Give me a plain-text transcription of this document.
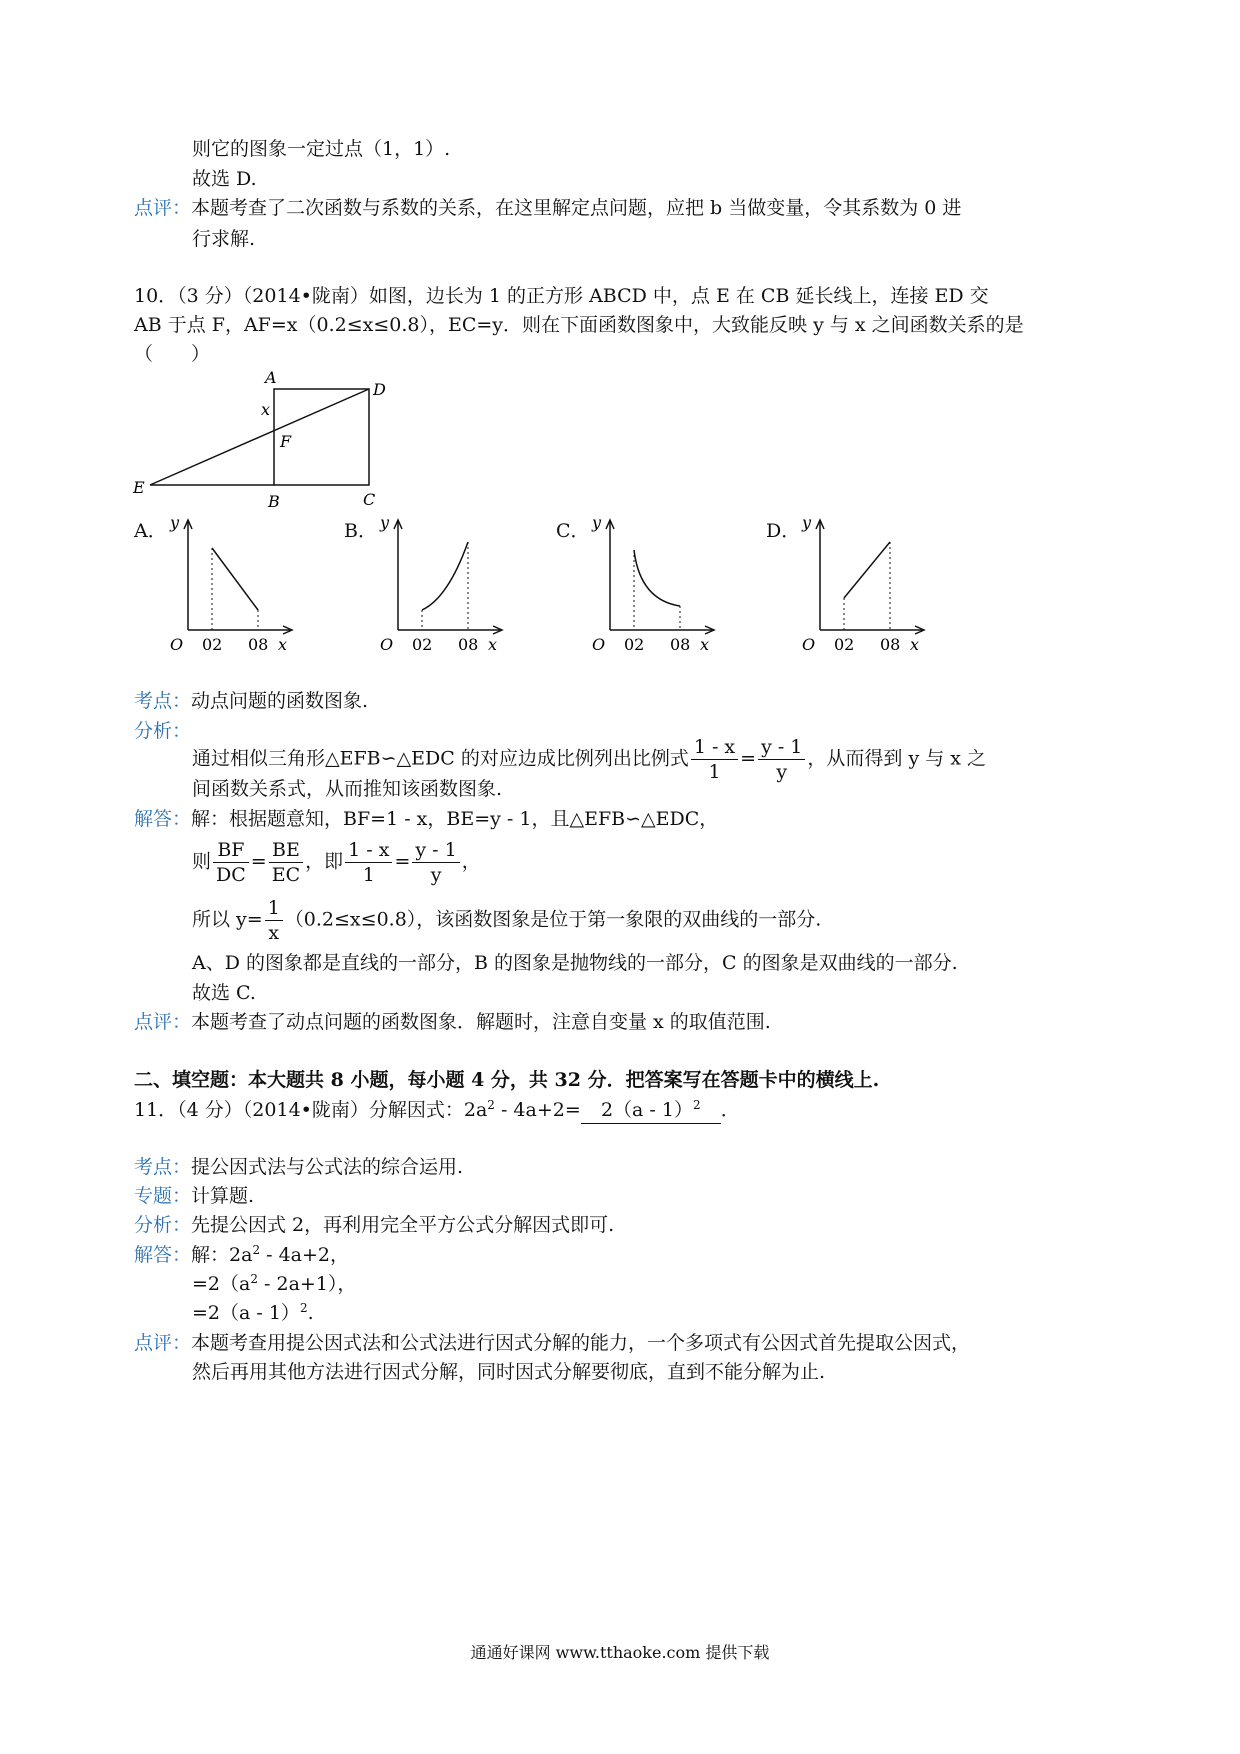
则它的图象一定过点（1，1）.
故选 D.
点评：本题考查了二次函数与系数的关系，在这里解定点问题，应把 b 当做变量，令其系数为 0 进
行求解.
10．（3 分）（2014•陇南）如图，边长为 1 的正方形 ABCD 中，点 E 在 CB 延长线上，连接 ED 交
AB 于点 F，AF=x（0.2≤x≤0.8），EC=y．则在下面函数图象中，大致能反映 y 与 x 之间函数关系的是
（　　）
A
D
x
F
E
B	C
A． y
O 02 08 x
B． y
O 02 08 x
C． y
O 02 08 x
D． y
O 02 08 x
考点：动点问题的函数图象.
分析：
通过相似三角形△EFB∽△EDC 的对应边成比例列出比例式 $\frac{1 - x}{1} = \frac{y - 1}{y}$ ，从而得到 y 与 x 之
间函数关系式，从而推知该函数图象.
解答：解：根据题意知，BF=1 - x，BE=y - 1，且△EFB∽△EDC，
则 $\frac{BF}{DC} = \frac{BE}{EC}$ ，即 $\frac{1 - x}{1} = \frac{y - 1}{y}$ ，
所以 $y= \frac{1}{x} (0.2\le x\le 0.8)$，该函数图象是位于第一象限的双曲线的一部分.
A、D 的图象都是直线的一部分，B 的图象是抛物线的一部分，C 的图象是双曲线的一部分.
故选 C.
点评：本题考查了动点问题的函数图象．解题时，注意自变量 x 的取值范围.
二、填空题：本大题共 8 小题，每小题 4 分，共 32 分．把答案写在答题卡中的横线上.
11．（4 分）（2014•陇南）分解因式：$2a^2 - 4a+2= 2(a - 1)^2$ ．
考点：提公因式法与公式法的综合运用.
专题：计算题.
分析：先提公因式 2，再利用完全平方公式分解因式即可.
解答：解：$2a^2 - 4a+2$，
$=2(a^2 - 2a+1)$，
=2（a - 1）$^2$.
点评：本题考查用提公因式法和公式法进行因式分解的能力，一个多项式有公因式首先提取公因式，
然后再用其他方法进行因式分解，同时因式分解要彻底，直到不能分解为止.
通通好课网 www.tthaoke.com 提供下载
